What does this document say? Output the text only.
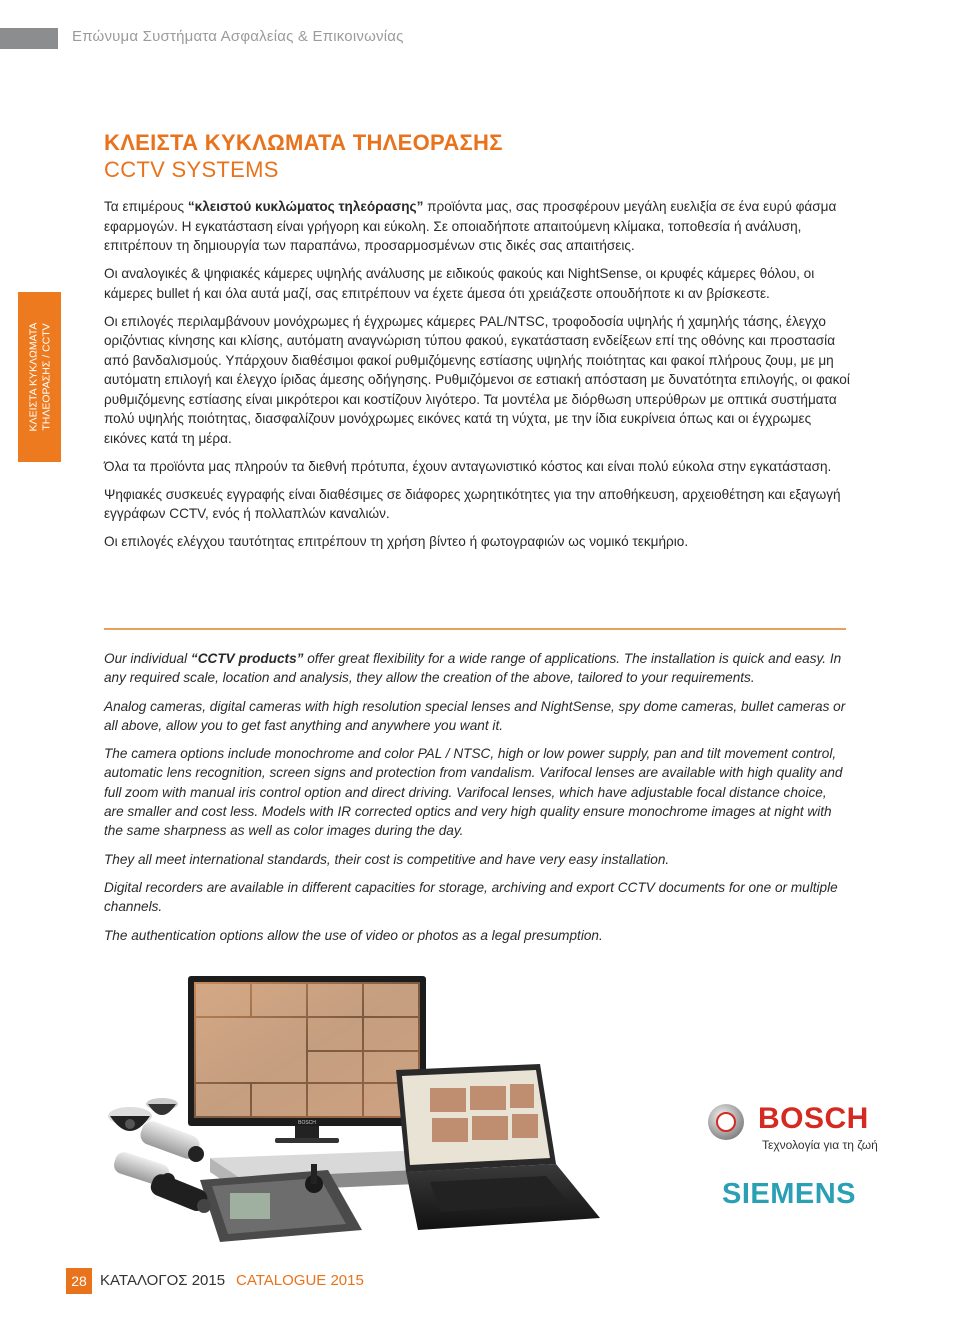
Επώνυμα Συστήματα Ασφαλείας & Επικοινωνίας
ΚΛΕΙΣΤΑ ΚΥΚΛΩΜΑΤΑ ΤΗΛΕΟΡΑΣΗΣ / CCTV
ΚΛΕΙΣΤΑ ΚΥΚΛΩΜΑΤΑ ΤΗΛΕΟΡΑΣΗΣ
CCTV SYSTEMS

Τα επιμέρους “κλειστού κυκλώματος τηλεόρασης” προϊόντα μας, σας προσφέρουν μεγάλη ευελιξία σε ένα ευρύ φάσμα εφαρμογών. Η εγκατάσταση είναι γρήγορη και εύκολη. Σε οποιαδήποτε απαιτούμενη κλίμακα, τοποθεσία ή ανάλυση, επιτρέπουν τη δημιουργία των παραπάνω, προσαρμοσμένων στις δικές σας απαιτήσεις.

Οι αναλογικές & ψηφιακές κάμερες υψηλής ανάλυσης με ειδικούς φακούς και NightSense, οι κρυφές κάμερες θόλου, οι κάμερες bullet ή και όλα αυτά μαζί, σας επιτρέπουν να έχετε άμεσα ότι χρειάζεστε οπουδήποτε κι αν βρίσκεστε.

Οι επιλογές περιλαμβάνουν μονόχρωμες ή έγχρωμες κάμερες PAL/NTSC, τροφοδοσία υψηλής ή χαμηλής τάσης, έλεγχο οριζόντιας κίνησης και κλίσης, αυτόματη αναγνώριση τύπου φακού, εγκατάσταση ενδείξεων επί της οθόνης και προστασία από βανδαλισμούς. Υπάρχουν διαθέσιμοι φακοί ρυθμιζόμενης εστίασης υψηλής ποιότητας και φακοί πλήρους ζουμ, με μη αυτόματη επιλογή και έλεγχο ίριδας άμεσης οδήγησης. Ρυθμιζόμενοι σε εστιακή απόσταση με δυνατότητα επιλογής, οι φακοί ρυθμιζόμενης εστίασης είναι μικρότεροι και κοστίζουν λιγότερο. Τα μοντέλα με διόρθωση υπερύθρων με οπτικά συστήματα πολύ υψηλής ποιότητας, διασφαλίζουν μονόχρωμες εικόνες κατά τη νύχτα, με την ίδια ευκρίνεια όπως και οι έγχρωμες εικόνες κατά τη μέρα.

Όλα τα προϊόντα μας πληρούν τα διεθνή πρότυπα, έχουν ανταγωνιστικό κόστος και είναι πολύ εύκολα στην εγκατάσταση.

Ψηφιακές συσκευές εγγραφής είναι διαθέσιμες σε διάφορες χωρητικότητες για την αποθήκευση, αρχειοθέτηση και εξαγωγή εγγράφων CCTV, ενός ή πολλαπλών καναλιών.

Οι επιλογές ελέγχου ταυτότητας επιτρέπουν τη χρήση βίντεο ή φωτογραφιών ως νομικό τεκμήριο.

Our individual “CCTV products” offer great flexibility for a wide range of applications. The installation is quick and easy. In any required scale, location and analysis, they allow the creation of the above, tailored to your requirements.

Analog cameras, digital cameras with high resolution special lenses and NightSense, spy dome cameras, bullet cameras or all above, allow you to get fast anything and anywhere you want it.

The camera options include monochrome and color PAL / NTSC, high or low power supply, pan and tilt movement control, automatic lens recognition, screen signs and protection from vandalism. Varifocal lenses are available with high quality and full zoom with manual iris control option and direct driving. Varifocal lenses, which have adjustable focal distance choice, are smaller and cost less. Models with IR corrected optics and very high quality ensure monochrome images at night with the same sharpness as well as color images during the day.

They all meet international standards, their cost is competitive and have very easy installation.

Digital recorders are available in different capacities for storage, archiving and export CCTV documents for one or multiple channels.

The authentication options allow the use of video or photos as a legal presumption.

BOSCH	BOSCH
Τεχνολογία για τη ζωή
SIEMENS
28 ΚΑΤΑΛΟΓΟΣ 2015 CATALOGUE 2015
